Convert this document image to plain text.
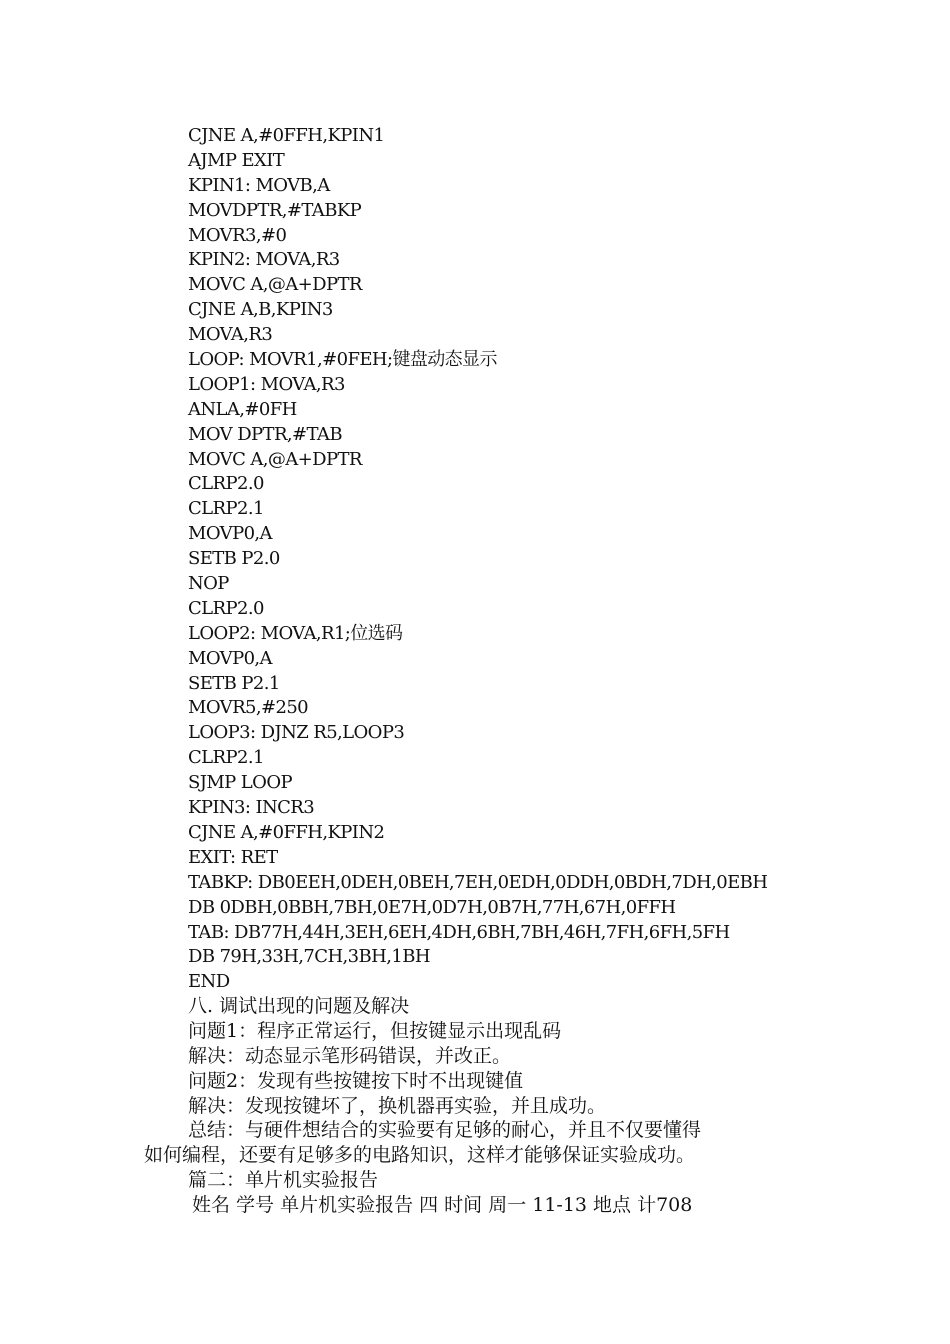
CJNE A,#0FFH,KPIN1
AJMP EXIT
KPIN1: MOVB,A
MOVDPTR,#TABKP
MOVR3,#0
KPIN2: MOVA,R3
MOVC A,@A+DPTR
CJNE A,B,KPIN3
MOVA,R3
LOOP: MOVR1,#0FEH;键盘动态显示
LOOP1: MOVA,R3
ANLA,#0FH
MOV DPTR,#TAB
MOVC A,@A+DPTR
CLRP2.0
CLRP2.1
MOVP0,A
SETB P2.0
NOP
CLRP2.0
LOOP2: MOVA,R1;位选码
MOVP0,A
SETB P2.1
MOVR5,#250
LOOP3: DJNZ R5,LOOP3
CLRP2.1
SJMP LOOP
KPIN3: INCR3
CJNE A,#0FFH,KPIN2
EXIT: RET
TABKP: DB0EEH,0DEH,0BEH,7EH,0EDH,0DDH,0BDH,7DH,0EBH
DB 0DBH,0BBH,7BH,0E7H,0D7H,0B7H,77H,67H,0FFH
TAB: DB77H,44H,3EH,6EH,4DH,6BH,7BH,46H,7FH,6FH,5FH
DB 79H,33H,7CH,3BH,1BH
END
八. 调试出现的问题及解决
问题1：程序正常运行，但按键显示出现乱码
解决：动态显示笔形码错误，并改正。
问题2：发现有些按键按下时不出现键值
解决：发现按键坏了，换机器再实验，并且成功。
总结：与硬件想结合的实验要有足够的耐心，并且不仅要懂得
如何编程，还要有足够多的电路知识，这样才能够保证实验成功。
篇二：单片机实验报告
姓名 学号 单片机实验报告 四 时间 周一 11-13 地点 计708
